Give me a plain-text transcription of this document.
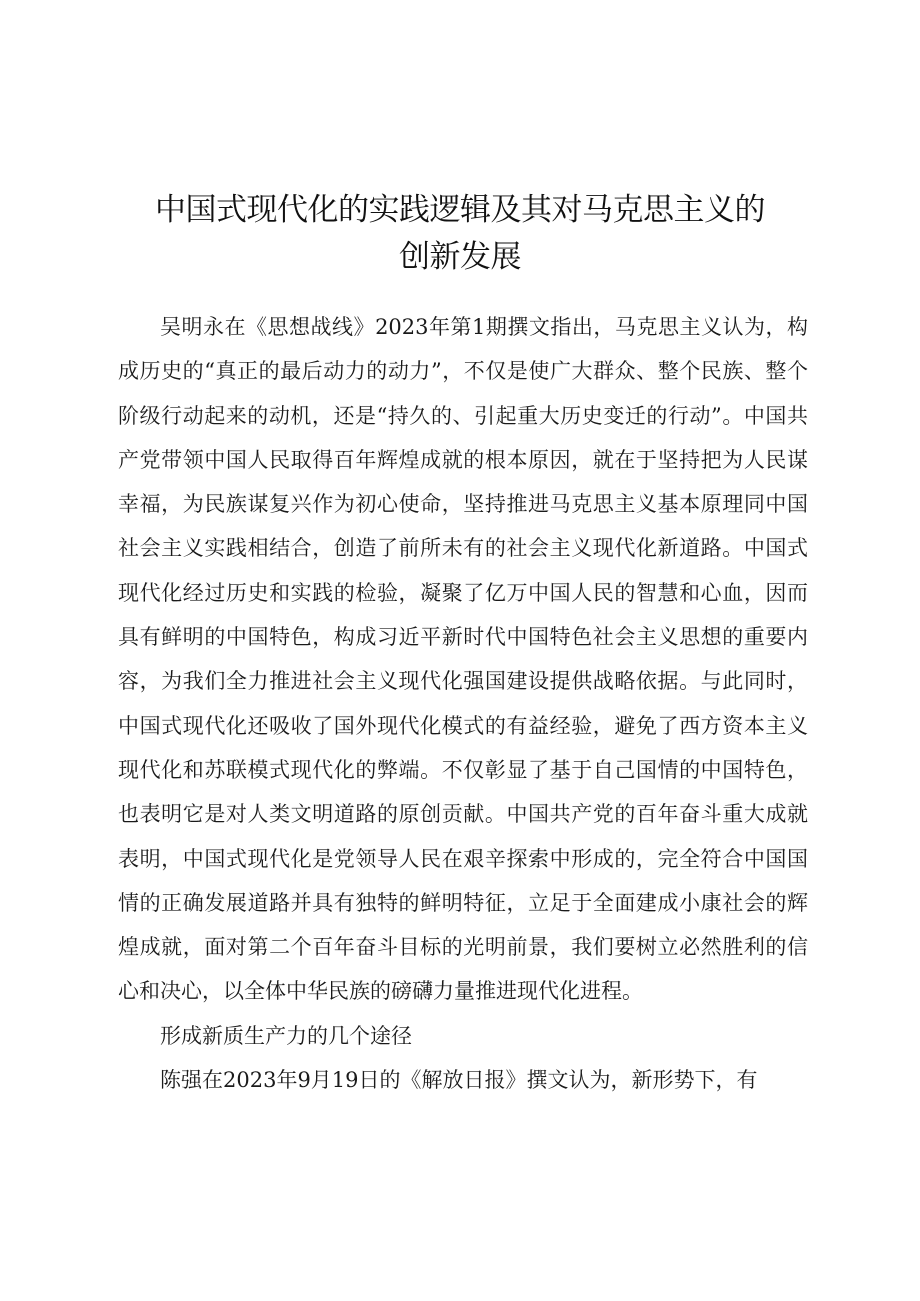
中国式现代化的实践逻辑及其对马克思主义的
创新发展

吴明永在《思想战线》2023年第1期撰文指出，马克思主义认为，构成历史的“真正的最后动力的动力”，不仅是使广大群众、整个民族、整个阶级行动起来的动机，还是“持久的、引起重大历史变迁的行动”。中国共产党带领中国人民取得百年辉煌成就的根本原因，就在于坚持把为人民谋幸福，为民族谋复兴作为初心使命，坚持推进马克思主义基本原理同中国社会主义实践相结合，创造了前所未有的社会主义现代化新道路。中国式现代化经过历史和实践的检验，凝聚了亿万中国人民的智慧和心血，因而具有鲜明的中国特色，构成习近平新时代中国特色社会主义思想的重要内容，为我们全力推进社会主义现代化强国建设提供战略依据。与此同时，中国式现代化还吸收了国外现代化模式的有益经验，避免了西方资本主义现代化和苏联模式现代化的弊端。不仅彰显了基于自己国情的中国特色，也表明它是对人类文明道路的原创贡献。中国共产党的百年奋斗重大成就表明，中国式现代化是党领导人民在艰辛探索中形成的，完全符合中国国情的正确发展道路并具有独特的鲜明特征，立足于全面建成小康社会的辉煌成就，面对第二个百年奋斗目标的光明前景，我们要树立必然胜利的信心和决心，以全体中华民族的磅礴力量推进现代化进程。

形成新质生产力的几个途径

陈强在2023年9月19日的《解放日报》撰文认为，新形势下，有
